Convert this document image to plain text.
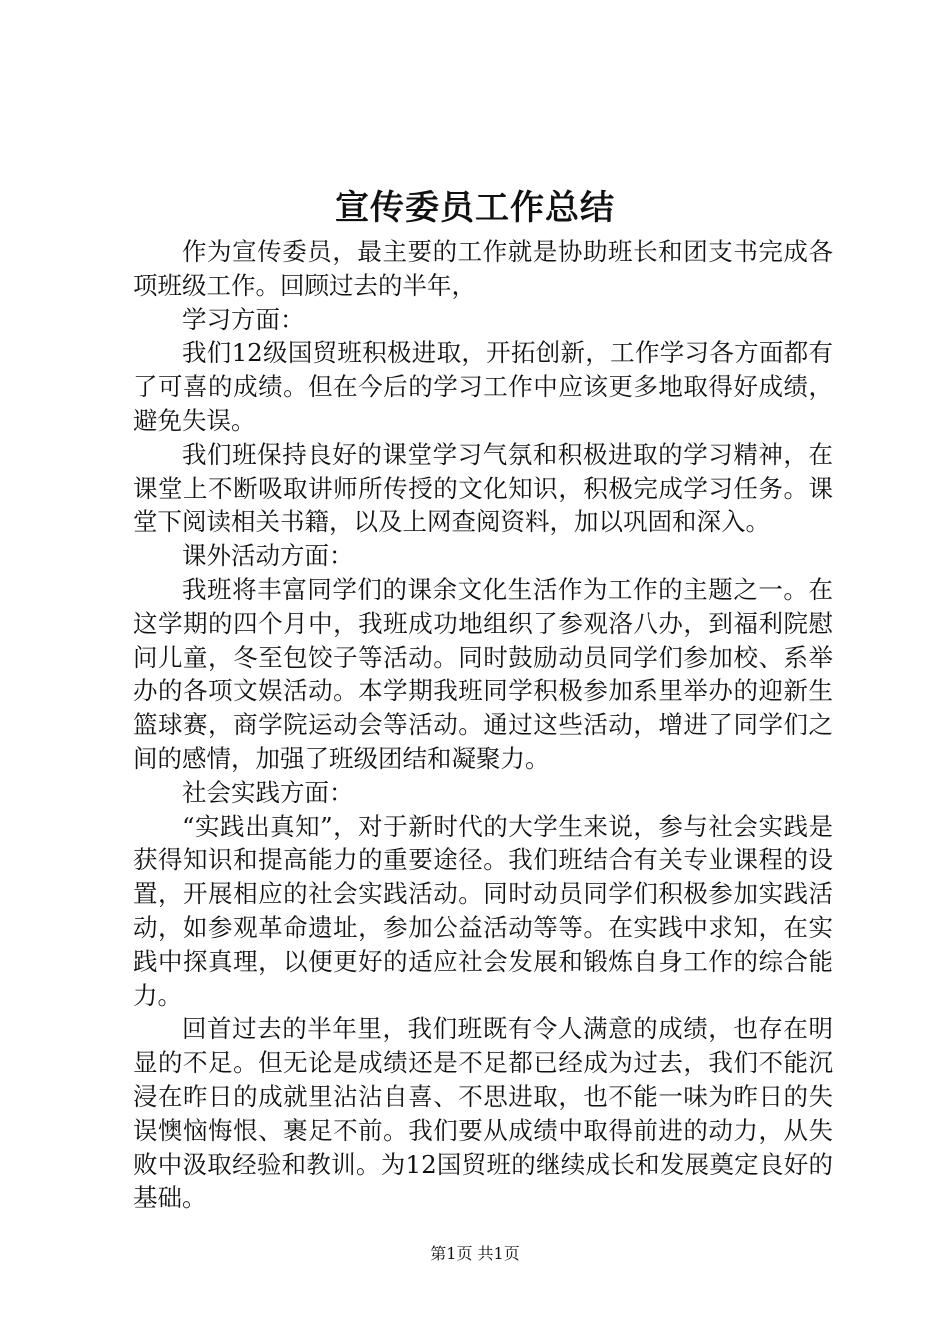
宣传委员工作总结

作为宣传委员，最主要的工作就是协助班长和团支书完成各项班级工作。回顾过去的半年，

学习方面：

我们12级国贸班积极进取，开拓创新，工作学习各方面都有了可喜的成绩。但在今后的学习工作中应该更多地取得好成绩，避免失误。

我们班保持良好的课堂学习气氛和积极进取的学习精神，在课堂上不断吸取讲师所传授的文化知识，积极完成学习任务。课堂下阅读相关书籍，以及上网查阅资料，加以巩固和深入。

课外活动方面：

我班将丰富同学们的课余文化生活作为工作的主题之一。在这学期的四个月中，我班成功地组织了参观洛八办，到福利院慰问儿童，冬至包饺子等活动。同时鼓励动员同学们参加校、系举办的各项文娱活动。本学期我班同学积极参加系里举办的迎新生篮球赛，商学院运动会等活动。通过这些活动，增进了同学们之间的感情，加强了班级团结和凝聚力。

社会实践方面：

“实践出真知”，对于新时代的大学生来说，参与社会实践是获得知识和提高能力的重要途径。我们班结合有关专业课程的设置，开展相应的社会实践活动。同时动员同学们积极参加实践活动，如参观革命遗址，参加公益活动等等。在实践中求知，在实践中探真理，以便更好的适应社会发展和锻炼自身工作的综合能力。

回首过去的半年里，我们班既有令人满意的成绩，也存在明显的不足。但无论是成绩还是不足都已经成为过去，我们不能沉浸在昨日的成就里沾沾自喜、不思进取，也不能一味为昨日的失误懊恼悔恨、裹足不前。我们要从成绩中取得前进的动力，从失败中汲取经验和教训。为12国贸班的继续成长和发展奠定良好的基础。

第1页 共1页
